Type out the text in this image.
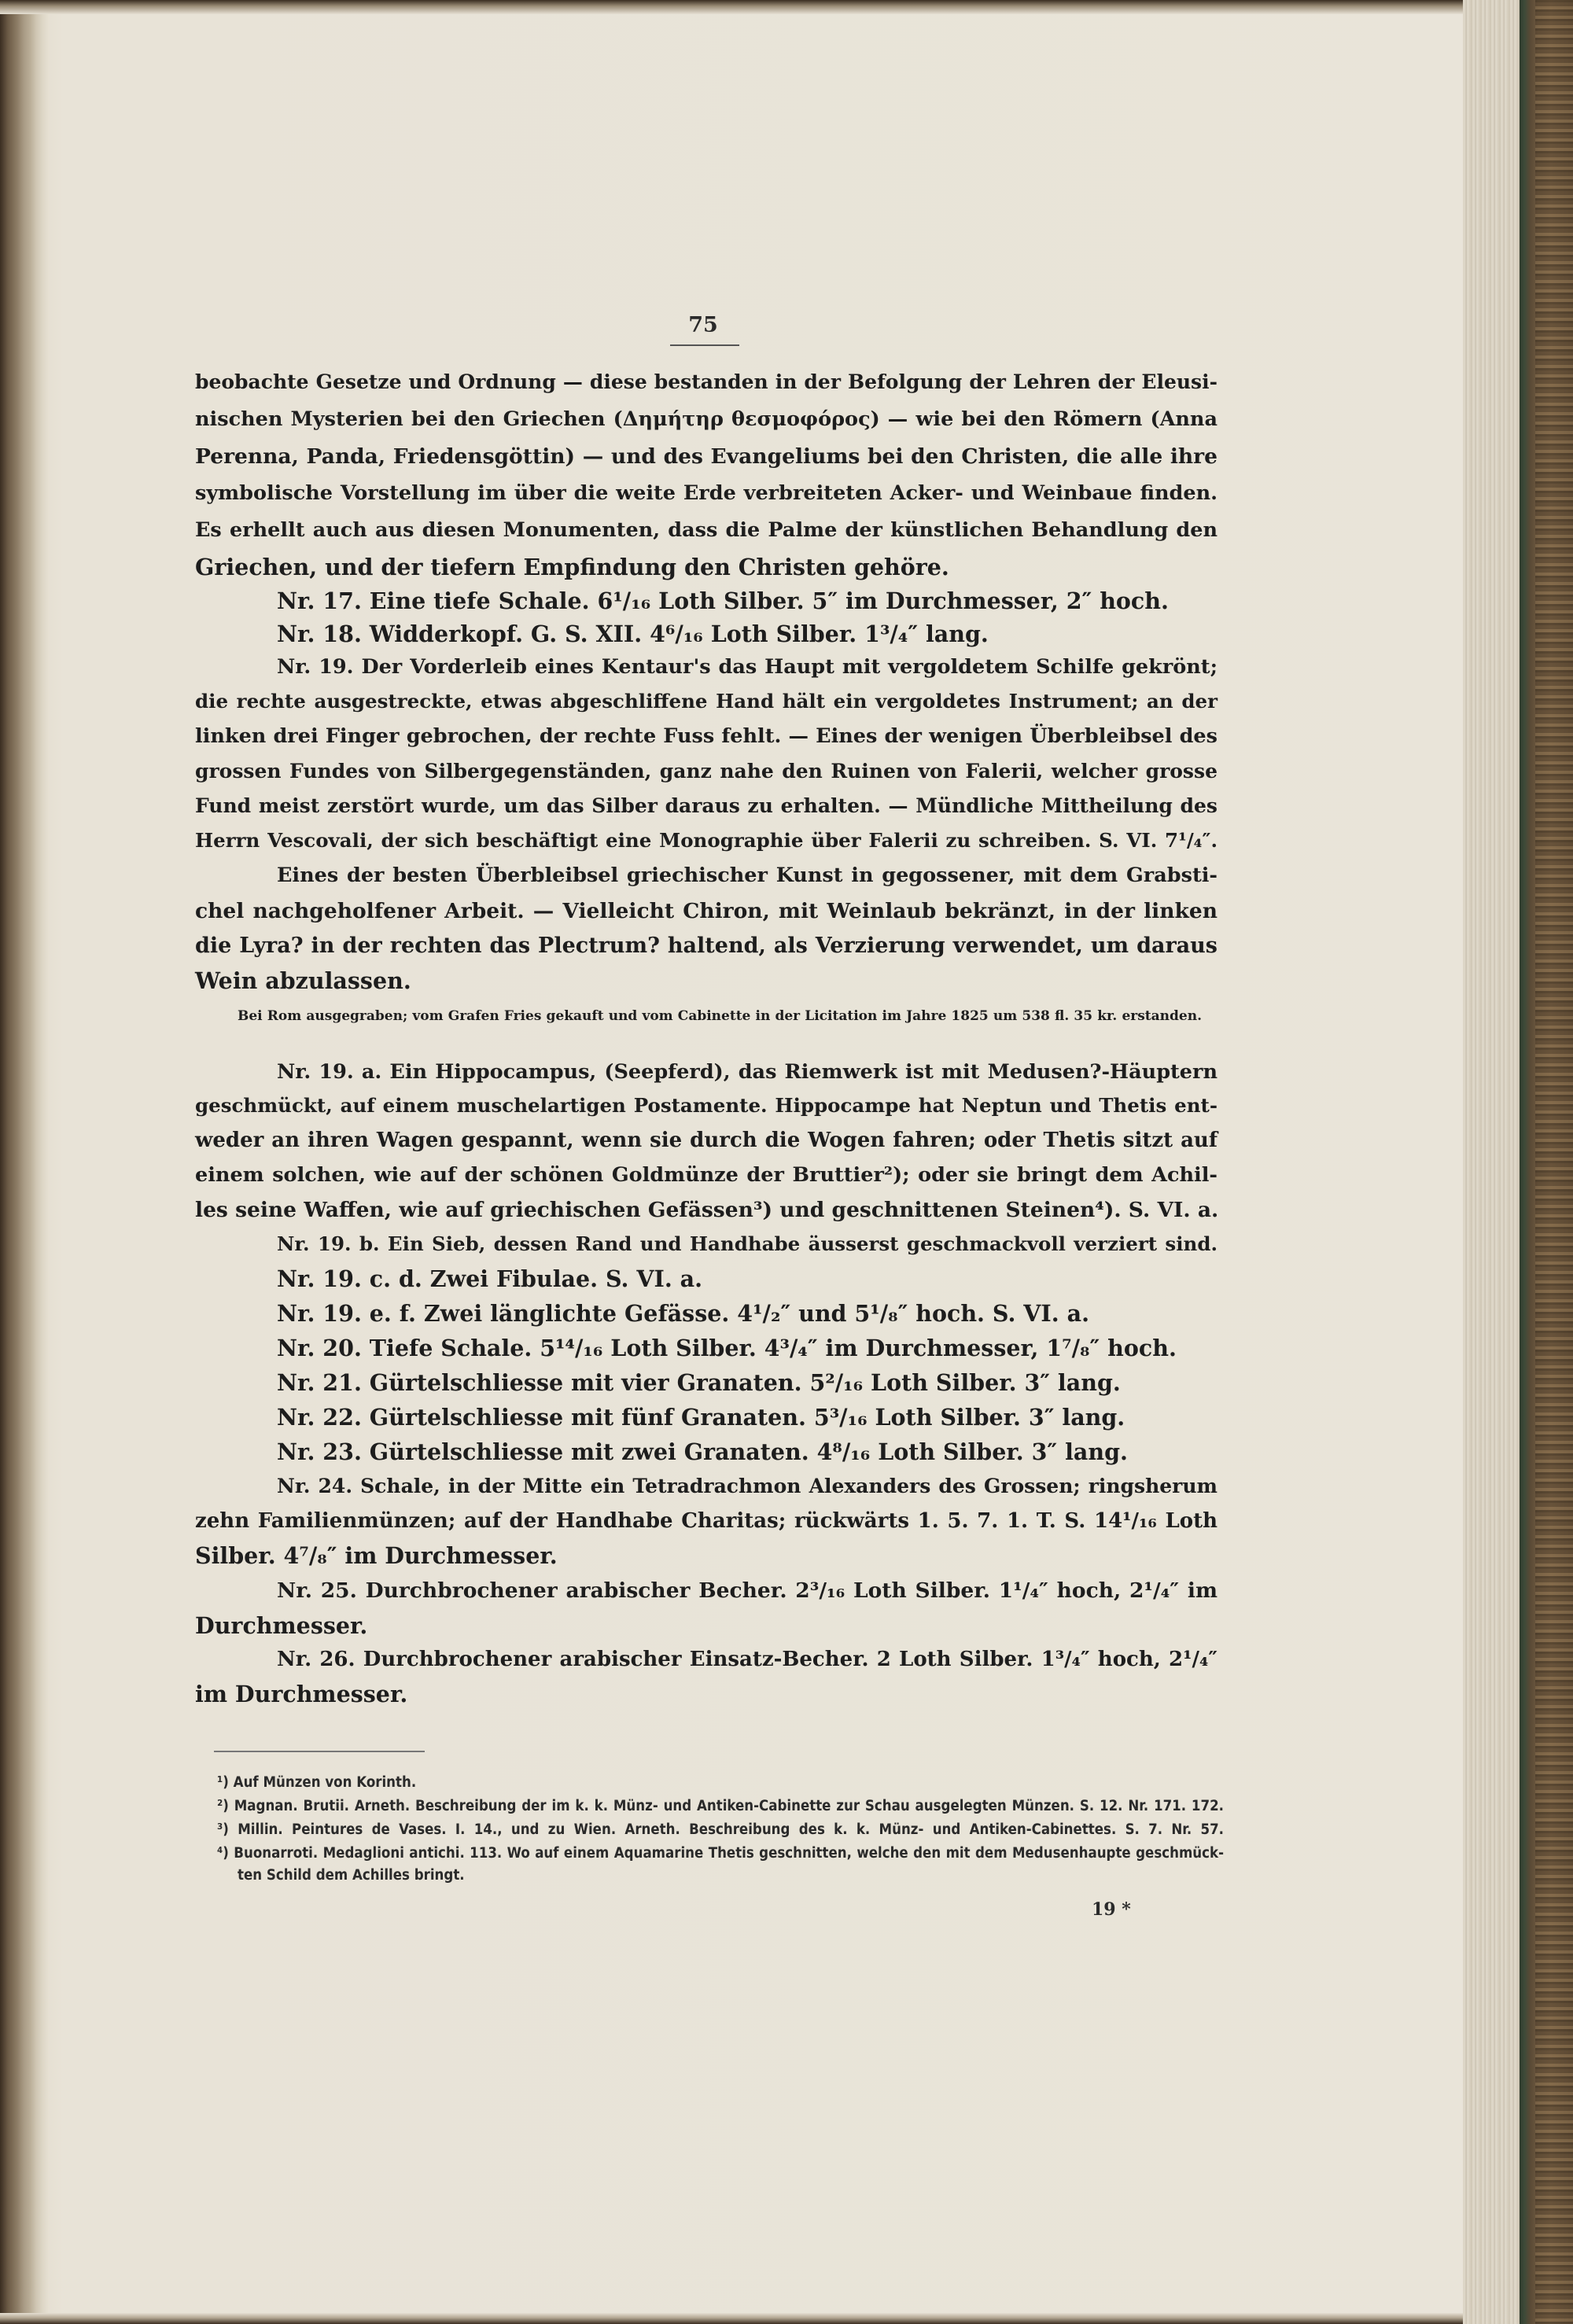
75
beobachte Gesetze und Ordnung — diese bestanden in der Befolgung der Lehren der Eleusi-
nischen Mysterien bei den Griechen (Δημήτηρ θεσμοφόρος) — wie bei den Römern (Anna
Perenna, Panda, Friedensgöttin) — und des Evangeliums bei den Christen, die alle ihre
symbolische Vorstellung im über die weite Erde verbreiteten Acker- und Weinbaue finden.
Es erhellt auch aus diesen Monumenten, dass die Palme der künstlichen Behandlung den
Griechen, und der tiefern Empfindung den Christen gehöre.
Nr. 17. Eine tiefe Schale. 6¹/₁₆ Loth Silber. 5″ im Durchmesser, 2″ hoch.
Nr. 18. Widderkopf. G. S. XII. 4⁶/₁₆ Loth Silber. 1³/₄″ lang.
Nr. 19. Der Vorderleib eines Kentaur's das Haupt mit vergoldetem Schilfe gekrönt;
die rechte ausgestreckte, etwas abgeschliffene Hand hält ein vergoldetes Instrument; an der
linken drei Finger gebrochen, der rechte Fuss fehlt. — Eines der wenigen Überbleibsel des
grossen Fundes von Silbergegenständen, ganz nahe den Ruinen von Falerii, welcher grosse
Fund meist zerstört wurde, um das Silber daraus zu erhalten. — Mündliche Mittheilung des
Herrn Vescovali, der sich beschäftigt eine Monographie über Falerii zu schreiben. S. VI. 7¹/₄″.
Eines der besten Überbleibsel griechischer Kunst in gegossener, mit dem Grabsti-
chel nachgeholfener Arbeit. — Vielleicht Chiron, mit Weinlaub bekränzt, in der linken
die Lyra? in der rechten das Plectrum? haltend, als Verzierung verwendet, um daraus
Wein abzulassen.
Bei Rom ausgegraben; vom Grafen Fries gekauft und vom Cabinette in der Licitation im Jahre 1825 um 538 fl. 35 kr. erstanden.
Nr. 19. a. Ein Hippocampus, (Seepferd), das Riemwerk ist mit Medusen?-Häuptern
geschmückt, auf einem muschelartigen Postamente. Hippocampe hat Neptun und Thetis ent-
weder an ihren Wagen gespannt, wenn sie durch die Wogen fahren; oder Thetis sitzt auf
einem solchen, wie auf der schönen Goldmünze der Bruttier²); oder sie bringt dem Achil-
les seine Waffen, wie auf griechischen Gefässen³) und geschnittenen Steinen⁴). S. VI. a.
Nr. 19. b. Ein Sieb, dessen Rand und Handhabe äusserst geschmackvoll verziert sind.
Nr. 19. c. d. Zwei Fibulae. S. VI. a.
Nr. 19. e. f. Zwei länglichte Gefässe. 4¹/₂″ und 5¹/₈″ hoch. S. VI. a.
Nr. 20. Tiefe Schale. 5¹⁴/₁₆ Loth Silber. 4³/₄″ im Durchmesser, 1⁷/₈″ hoch.
Nr. 21. Gürtelschliesse mit vier Granaten. 5²/₁₆ Loth Silber. 3″ lang.
Nr. 22. Gürtelschliesse mit fünf Granaten. 5³/₁₆ Loth Silber. 3″ lang.
Nr. 23. Gürtelschliesse mit zwei Granaten. 4⁸/₁₆ Loth Silber. 3″ lang.
Nr. 24. Schale, in der Mitte ein Tetradrachmon Alexanders des Grossen; ringsherum
zehn Familienmünzen; auf der Handhabe Charitas; rückwärts 1. 5. 7. 1. T. S. 14¹/₁₆ Loth
Silber. 4⁷/₈″ im Durchmesser.
Nr. 25. Durchbrochener arabischer Becher. 2³/₁₆ Loth Silber. 1¹/₄″ hoch, 2¹/₄″ im
Durchmesser.
Nr. 26. Durchbrochener arabischer Einsatz-Becher. 2 Loth Silber. 1³/₄″ hoch, 2¹/₄″
im Durchmesser.
¹) Auf Münzen von Korinth.
²) Magnan. Brutii. Arneth. Beschreibung der im k. k. Münz- und Antiken-Cabinette zur Schau ausgelegten Münzen. S. 12. Nr. 171. 172.
³) Millin. Peintures de Vases. I. 14., und zu Wien. Arneth. Beschreibung des k. k. Münz- und Antiken-Cabinettes. S. 7. Nr. 57.
⁴) Buonarroti. Medaglioni antichi. 113. Wo auf einem Aquamarine Thetis geschnitten, welche den mit dem Medusenhaupte geschmück-
ten Schild dem Achilles bringt.
19 *
